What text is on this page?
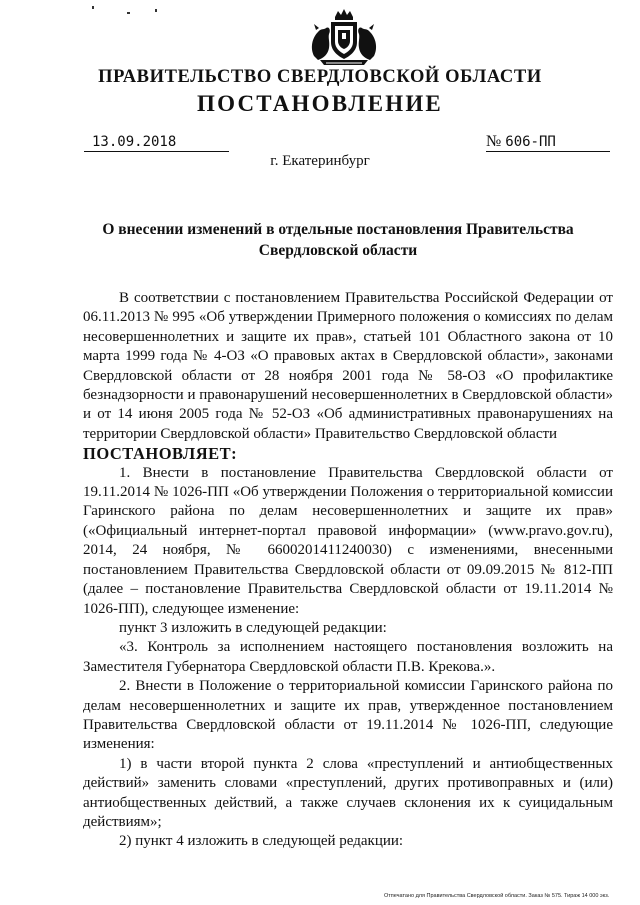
ПРАВИТЕЛЬСТВО СВЕРДЛОВСКОЙ ОБЛАСТИ
ПОСТАНОВЛЕНИЕ
13.09.2018	№ 606-ПП
г. Екатеринбург
О внесении изменений в отдельные постановления Правительства
Свердловской области

В соответствии с постановлением Правительства Российской Федерации от 06.11.2013 № 995 «Об утверждении Примерного положения о комиссиях по делам несовершеннолетних и защите их прав», статьей 101 Областного закона от 10 марта 1999 года № 4-ОЗ «О правовых актах в Свердловской области», законами Свердловской области от 28 ноября 2001 года № 58-ОЗ «О профилактике безнадзорности и правонарушений несовершеннолетних в Свердловской области» и от 14 июня 2005 года № 52-ОЗ «Об административных правонарушениях на территории Свердловской области» Правительство Свердловской области

ПОСТАНОВЛЯЕТ:

1. Внести в постановление Правительства Свердловской области от 19.11.2014 № 1026-ПП «Об утверждении Положения о территориальной комиссии Гаринского района по делам несовершеннолетних и защите их прав» («Официальный интернет-портал правовой информации» (www.pravo.gov.ru), 2014, 24 ноября, № 6600201411240030) с изменениями, внесенными постановлением Правительства Свердловской области от 09.09.2015 № 812-ПП (далее – постановление Правительства Свердловской области от 19.11.2014 № 1026-ПП), следующее изменение:

пункт 3 изложить в следующей редакции:

«3. Контроль за исполнением настоящего постановления возложить на Заместителя Губернатора Свердловской области П.В. Крекова.».

2. Внести в Положение о территориальной комиссии Гаринского района по делам несовершеннолетних и защите их прав, утвержденное постановлением Правительства Свердловской области от 19.11.2014 № 1026-ПП, следующие изменения:

1) в части второй пункта 2 слова «преступлений и антиобщественных действий» заменить словами «преступлений, других противоправных и (или) антиобщественных действий, а также случаев склонения их к суицидальным действиям»;

2) пункт 4 изложить в следующей редакции:

Отпечатано для Правительства Свердловской области. Заказ № 575. Тираж 14 000 экз.
